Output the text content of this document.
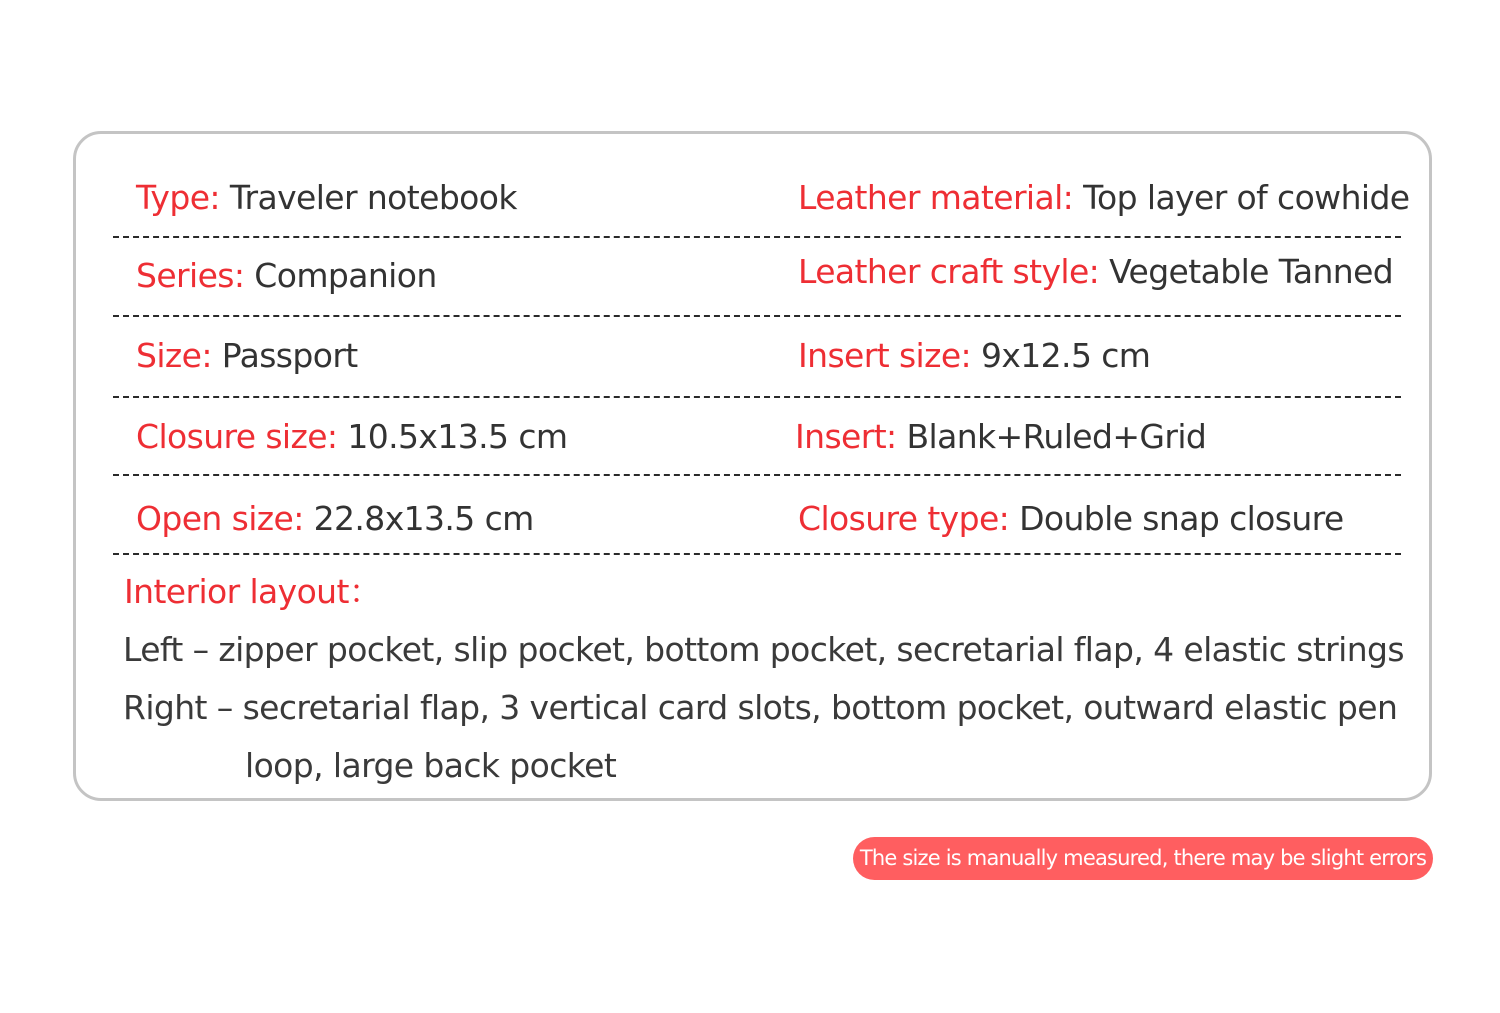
Type: Traveler notebook	Leather material: Top layer of cowhide
Series: Companion	Leather craft style: Vegetable Tanned
Size: Passport	Insert size: 9x12.5 cm
Closure size: 10.5x13.5 cm	Insert: Blank+Ruled+Grid
Open size: 22.8x13.5 cm	Closure type: Double snap closure
Interior layout：
Left – zipper pocket, slip pocket, bottom pocket, secretarial flap, 4 elastic strings
Right – secretarial flap, 3 vertical card slots, bottom pocket, outward elastic pen
loop, large back pocket
The size is manually measured, there may be slight errors
